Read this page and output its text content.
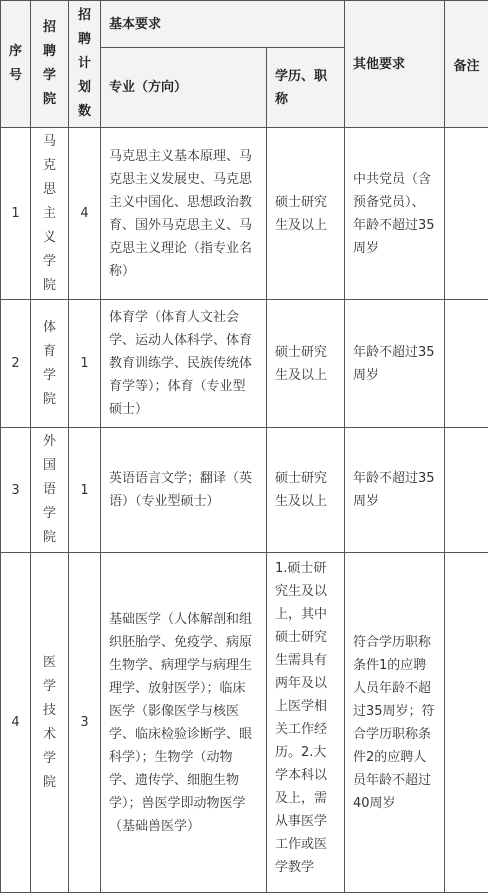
序号	招聘学院	招聘计划数	基本要求		其他要求	备注
			专业（方向）	学历、职称		
1	马克思主义学院	4	马克思主义基本原理、马克思主义发展史、马克思主义中国化、思想政治教育、国外马克思主义、马克思主义理论（指专业名称）	硕士研究生及以上	中共党员（含预备党员）、年龄不超过35周岁	
2	体育学院	1	体育学（体育人文社会学、运动人体科学、体育教育训练学、民族传统体育学等）；体育（专业型硕士）	硕士研究生及以上	年龄不超过35周岁	
3	外国语学院	1	英语语言文学；翻译（英语）（专业型硕士）	硕士研究生及以上	年龄不超过35周岁	
4	医学技术学院	3	基础医学（人体解剖和组织胚胎学、免疫学、病原生物学、病理学与病理生理学、放射医学）；临床医学（影像医学与核医学、临床检验诊断学、眼科学）；生物学（动物学、遗传学、细胞生物学）；兽医学即动物医学（基础兽医学）	1.硕士研究生及以上，其中硕士研究生需具有两年及以上医学相关工作经历。2.大学本科以及上，需从事医学工作或医学教学	符合学历职称条件1的应聘人员年龄不超过35周岁；符合学历职称条件2的应聘人员年龄不超过40周岁	
